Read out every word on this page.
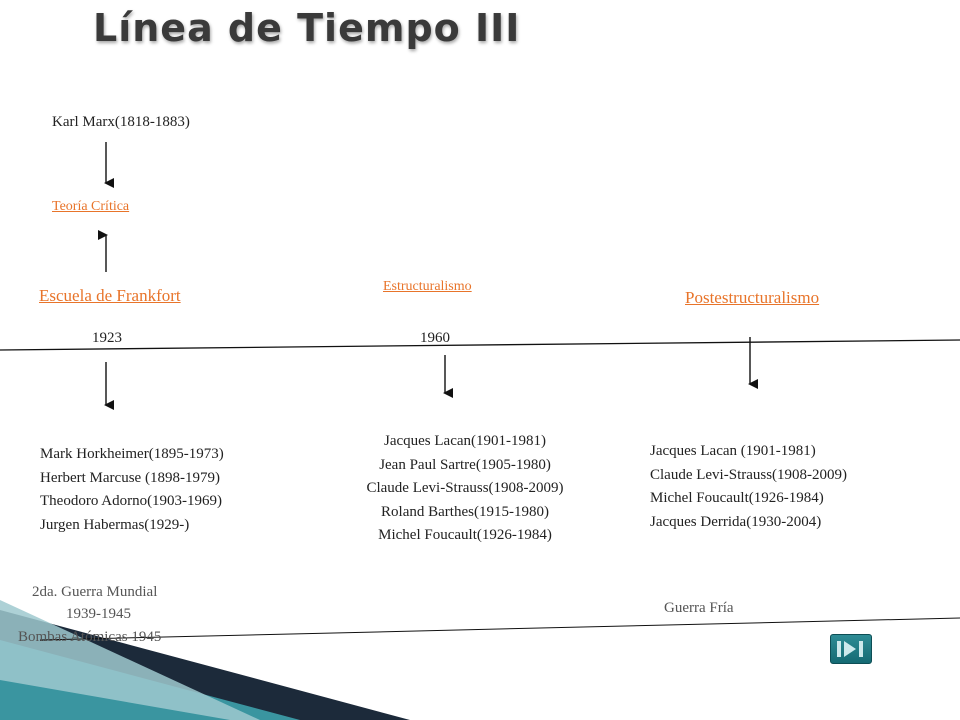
Línea de Tiempo III
Karl Marx(1818-1883)
Teoría Crítica
Escuela de Frankfort	Estructuralismo
Postestructuralismo
1923	1960
Mark Horkheimer(1895-1973)
Herbert Marcuse (1898-1979)
Theodoro Adorno(1903-1969)
Jurgen Habermas(1929-)
Jacques Lacan(1901-1981)
Jean Paul Sartre(1905-1980)
Claude Levi-Strauss(1908-2009)
Roland Barthes(1915-1980)
Michel Foucault(1926-1984)
Jacques Lacan (1901-1981)
Claude Levi-Strauss(1908-2009)
Michel Foucault(1926-1984)
Jacques Derrida(1930-2004)
2da. Guerra Mundial
1939-1945
Bombas Atómicas 1945
Guerra Fría
